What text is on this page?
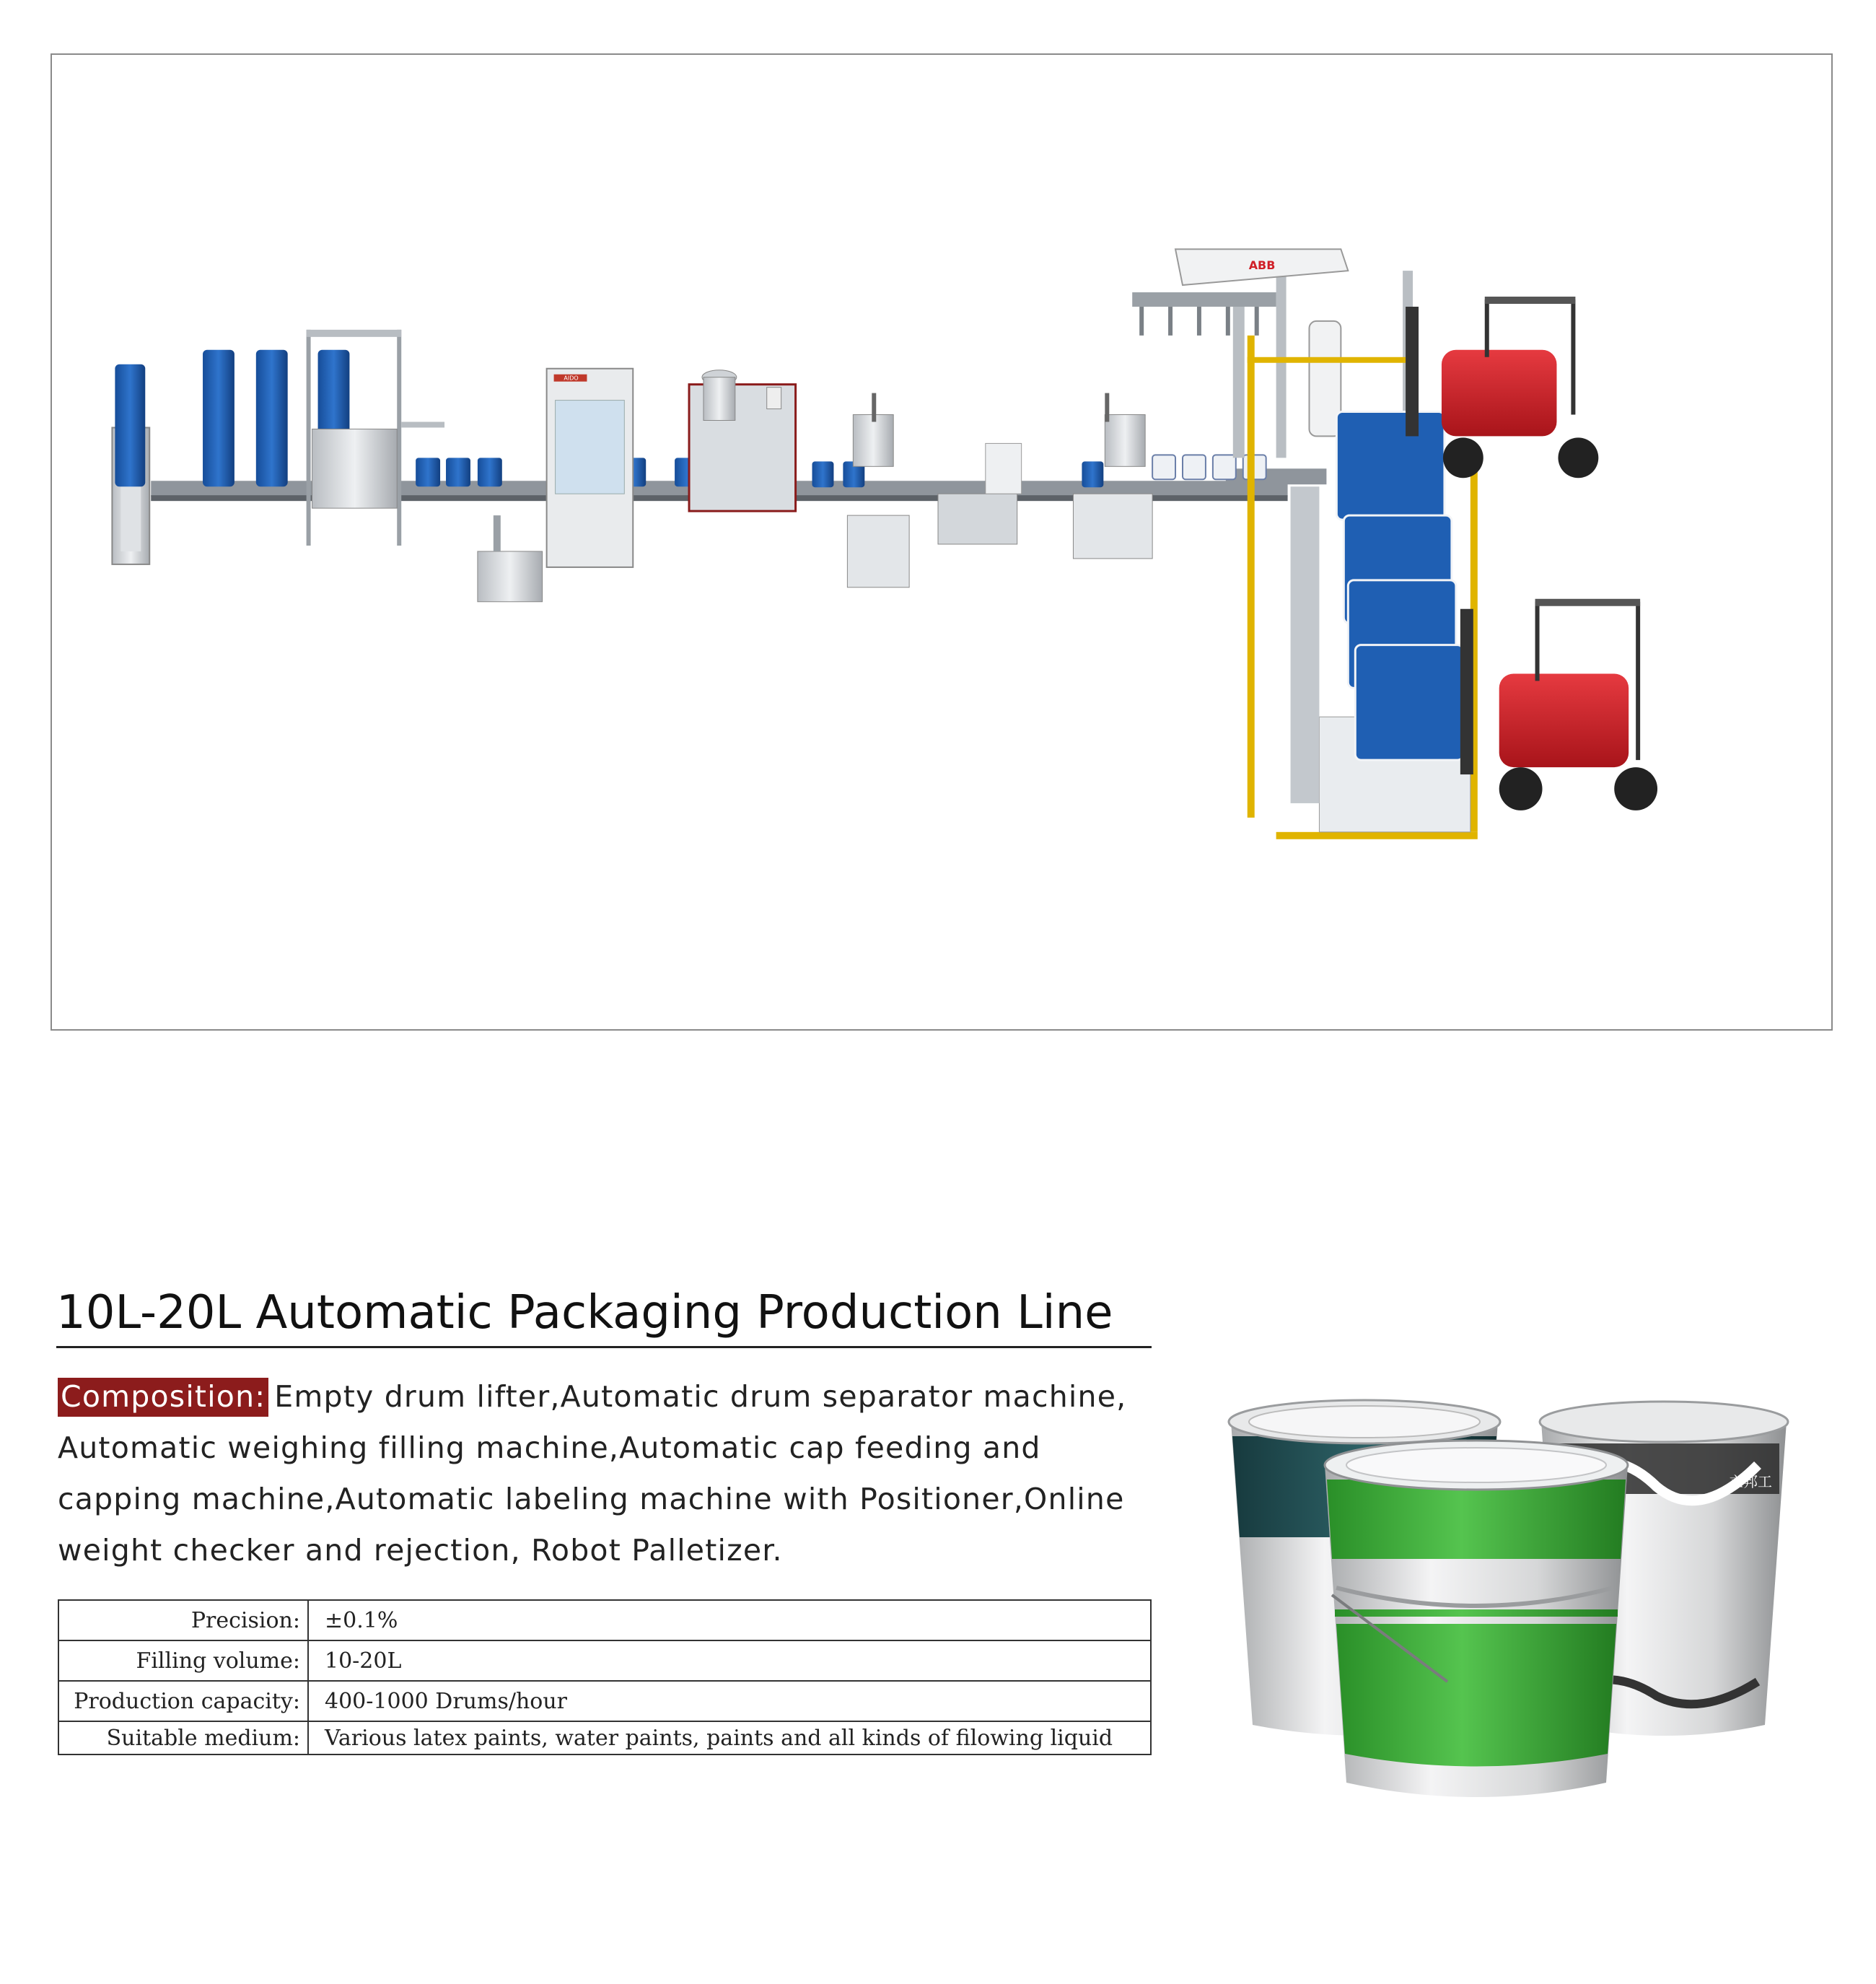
AIDO
ABB
10L-20L Automatic Packaging Production Line
Composition: Empty drum lifter,Automatic drum separator machine, Automatic weighing filling machine,Automatic cap feeding and capping machine,Automatic labeling machine with Positioner,Online weight checker and rejection, Robot Palletizer.
Precision:	±0.1%
Filling volume:	10-20L
Production capacity:	400-1000 Drums/hour
Suitable medium:	Various latex paints, water paints, paints and all kinds of filowing liquid
立邦工
